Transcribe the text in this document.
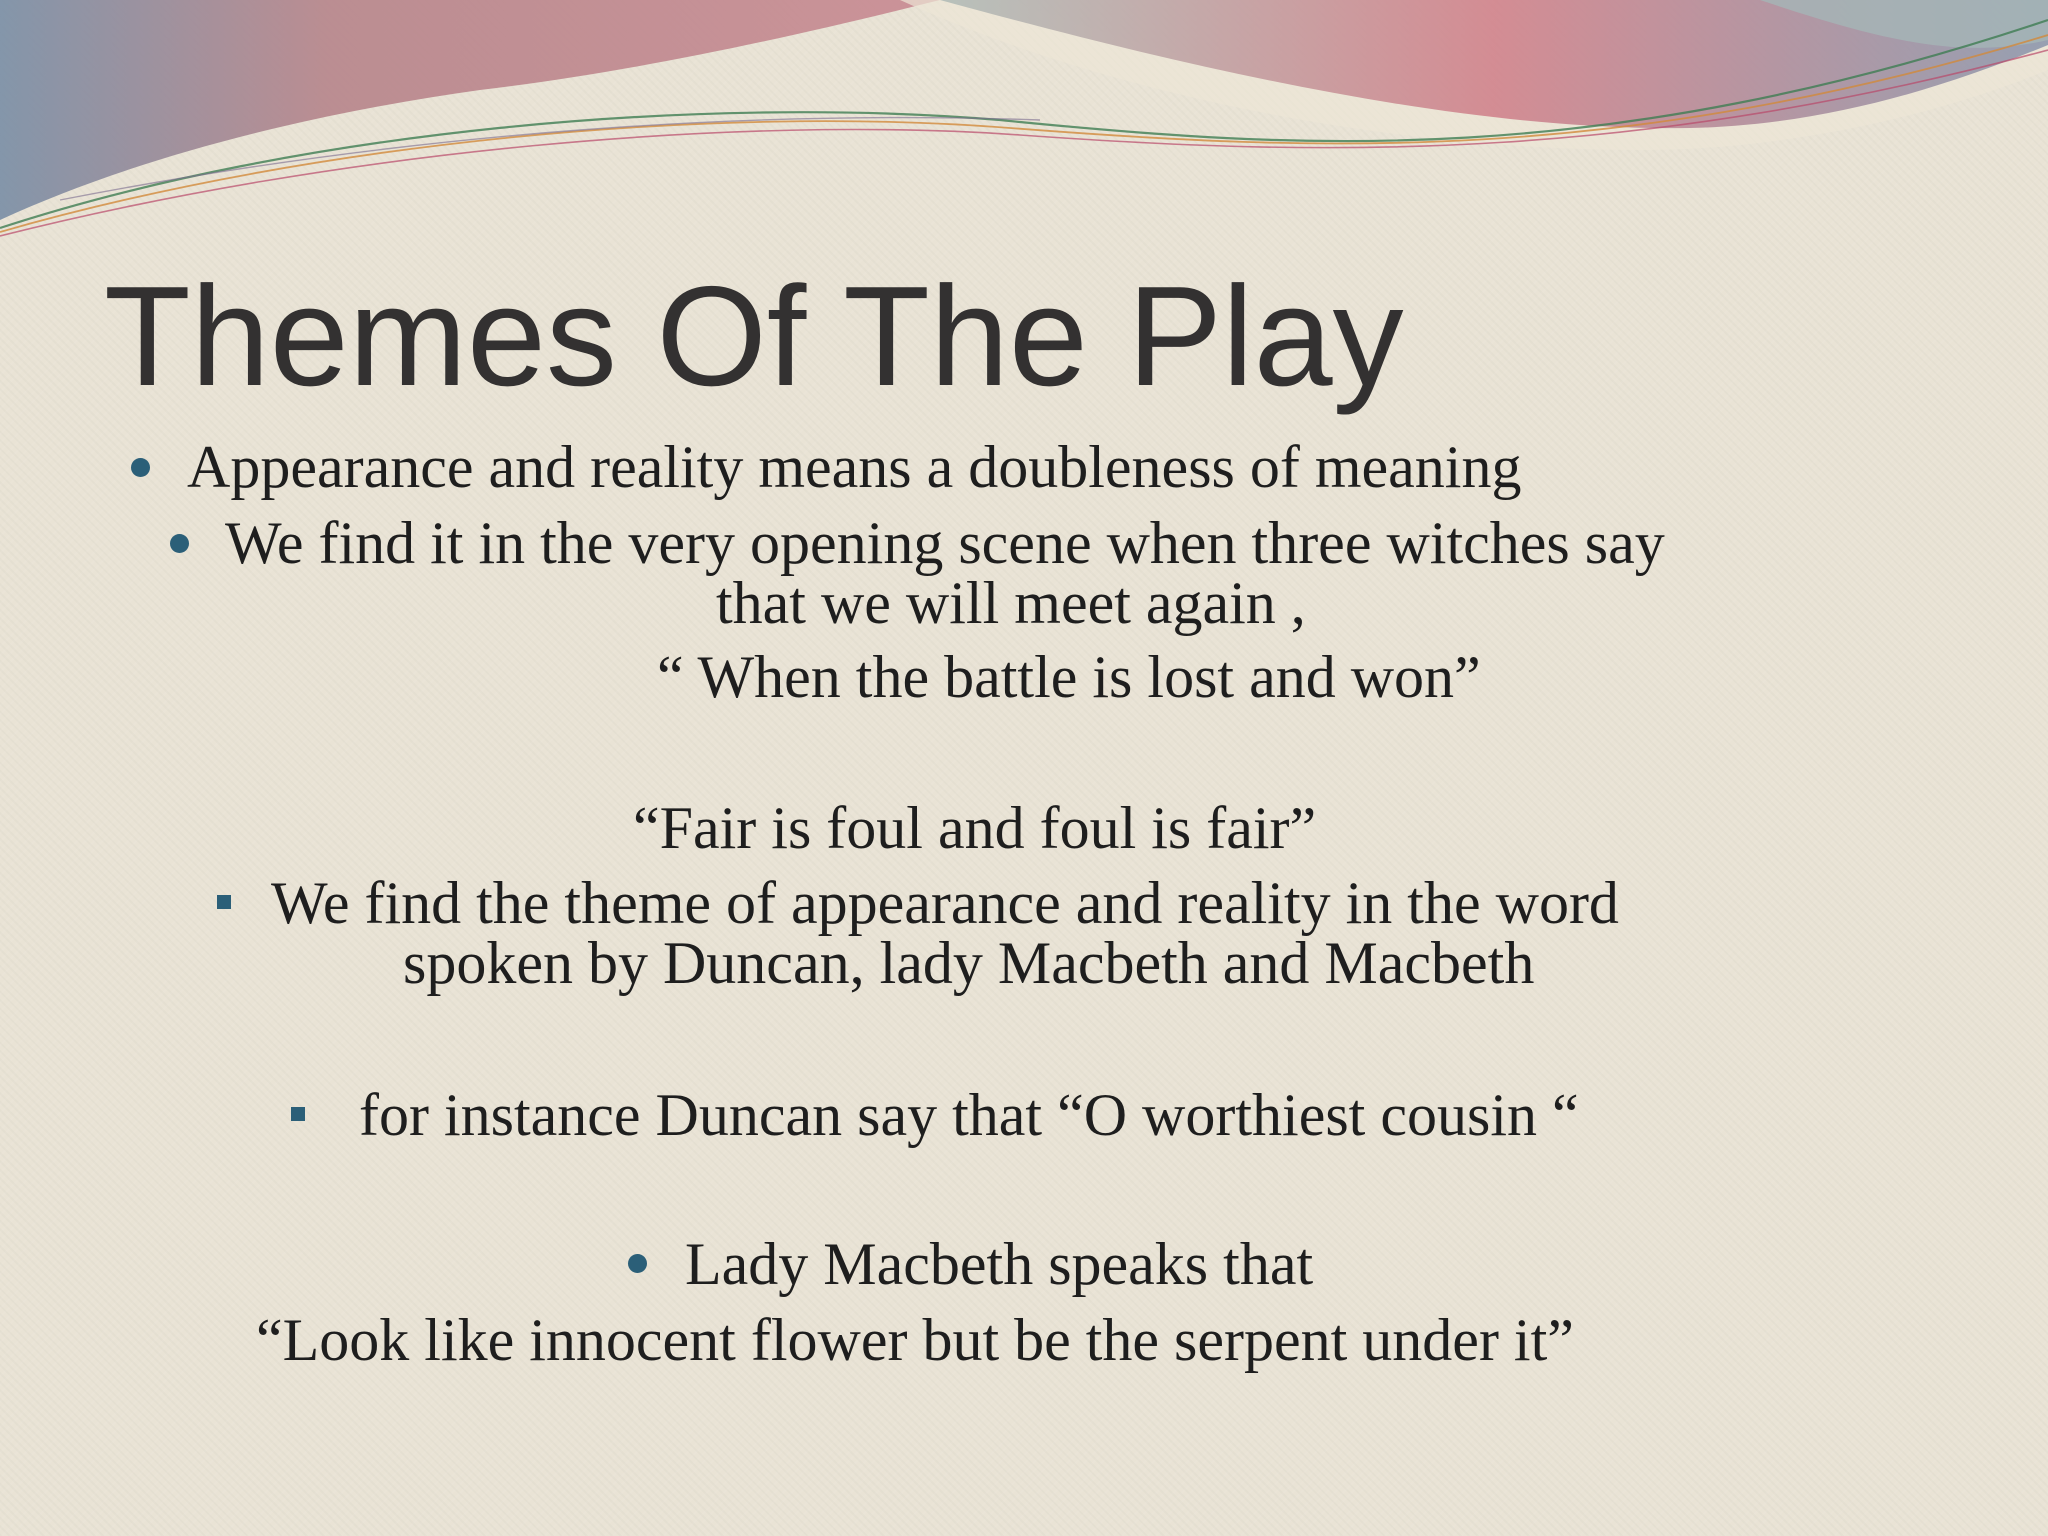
Themes Of The Play

Appearance and reality means a doubleness of meaning

We find it in the very opening scene when three witches say

that we will meet again ,

“ When the battle is lost and won”

“Fair is foul and foul is fair”

We find the theme of appearance and reality in the word

spoken by Duncan, lady Macbeth and Macbeth

for instance Duncan say that “O worthiest cousin “

Lady Macbeth speaks that

“Look like innocent flower but be the serpent under it”
